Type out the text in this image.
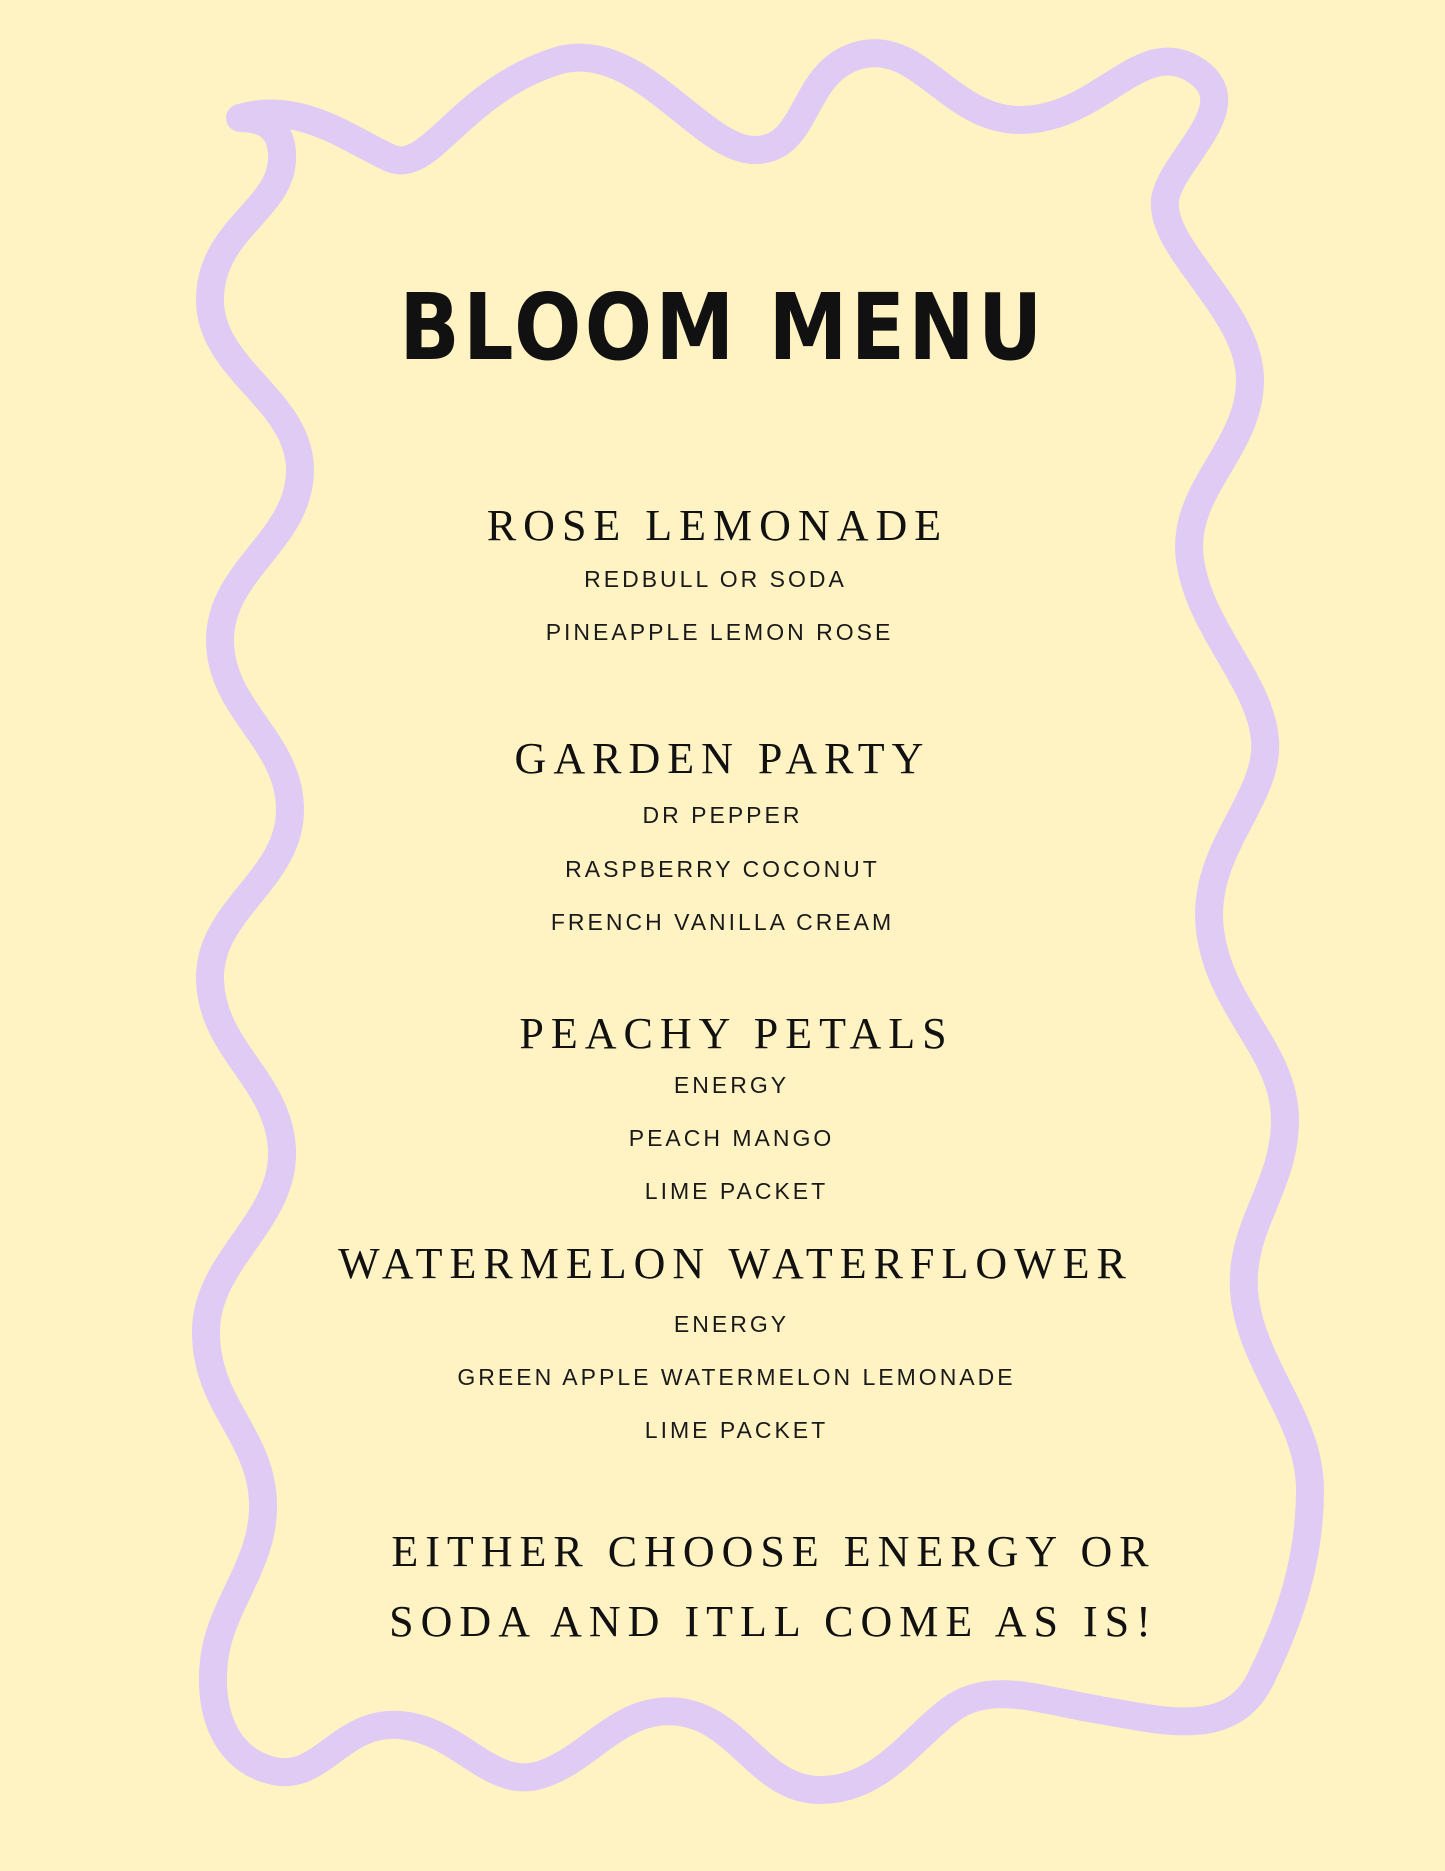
BLOOM MENU
ROSE LEMONADE
REDBULL OR SODA
PINEAPPLE LEMON ROSE
GARDEN PARTY
DR PEPPER
RASPBERRY COCONUT
FRENCH VANILLA CREAM
PEACHY PETALS
ENERGY
PEACH MANGO
LIME PACKET
WATERMELON WATERFLOWER
ENERGY
GREEN APPLE WATERMELON LEMONADE
LIME PACKET
EITHER CHOOSE ENERGY OR
SODA AND ITLL COME AS IS!
